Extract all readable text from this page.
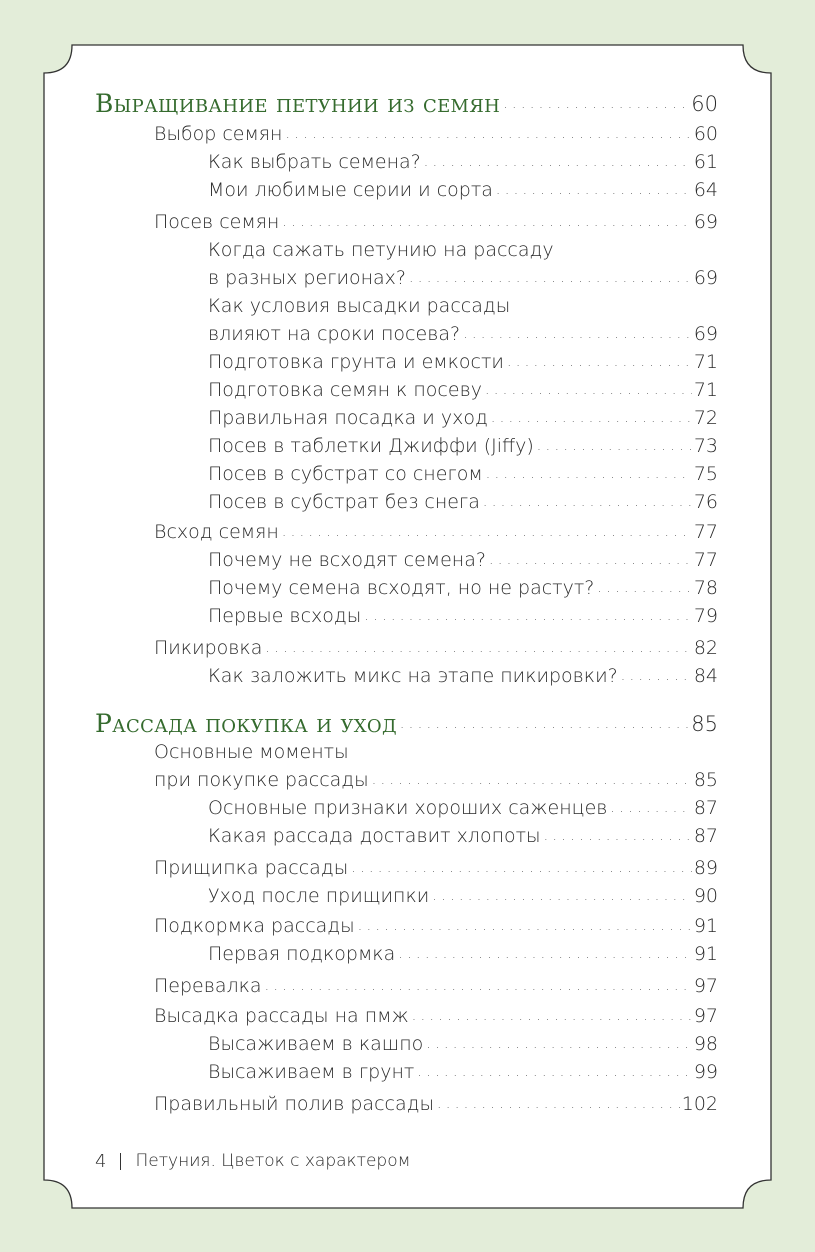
Выращивание петунии из семян . . .	60
Выбор семян . . .	60
Как выбрать семена? . . .	61
Мои любимые серии и сорта . . .	64
Посев семян . . .	69
Когда сажать петунию на рассаду
в разных регионах? . . .	69
Как условия высадки рассады
влияют на сроки посева? . . .	69
Подготовка грунта и емкости . . .	71
Подготовка семян к посеву . . .	71
Правильная посадка и уход . . .	72
Посев в таблетки Джиффи (Jiffy) . . .	73
Посев в субстрат со снегом . . .	75
Посев в субстрат без снега . . .	76
Всход семян . . .	77
Почему не всходят семена? . . .	77
Почему семена всходят, но не растут? . . .	78
Первые всходы . . .	79
Пикировка . . .	82
Как заложить микс на этапе пикировки? . . .	84
Рассада покупка и уход . . .	85
Основные моменты
при покупке рассады . . .	85
Основные признаки хороших саженцев . . .	87
Какая рассада доставит хлопоты . . .	87
Прищипка рассады . . .	89
Уход после прищипки . . .	90
Подкормка рассады . . .	91
Первая подкормка . . .	91
Перевалка . . .	97
Высадка рассады на пмж . . .	97
Высаживаем в кашпо . . .	98
Высаживаем в грунт . . .	99
Правильный полив рассады . . .	102
4 Петуния. Цветок с характером
